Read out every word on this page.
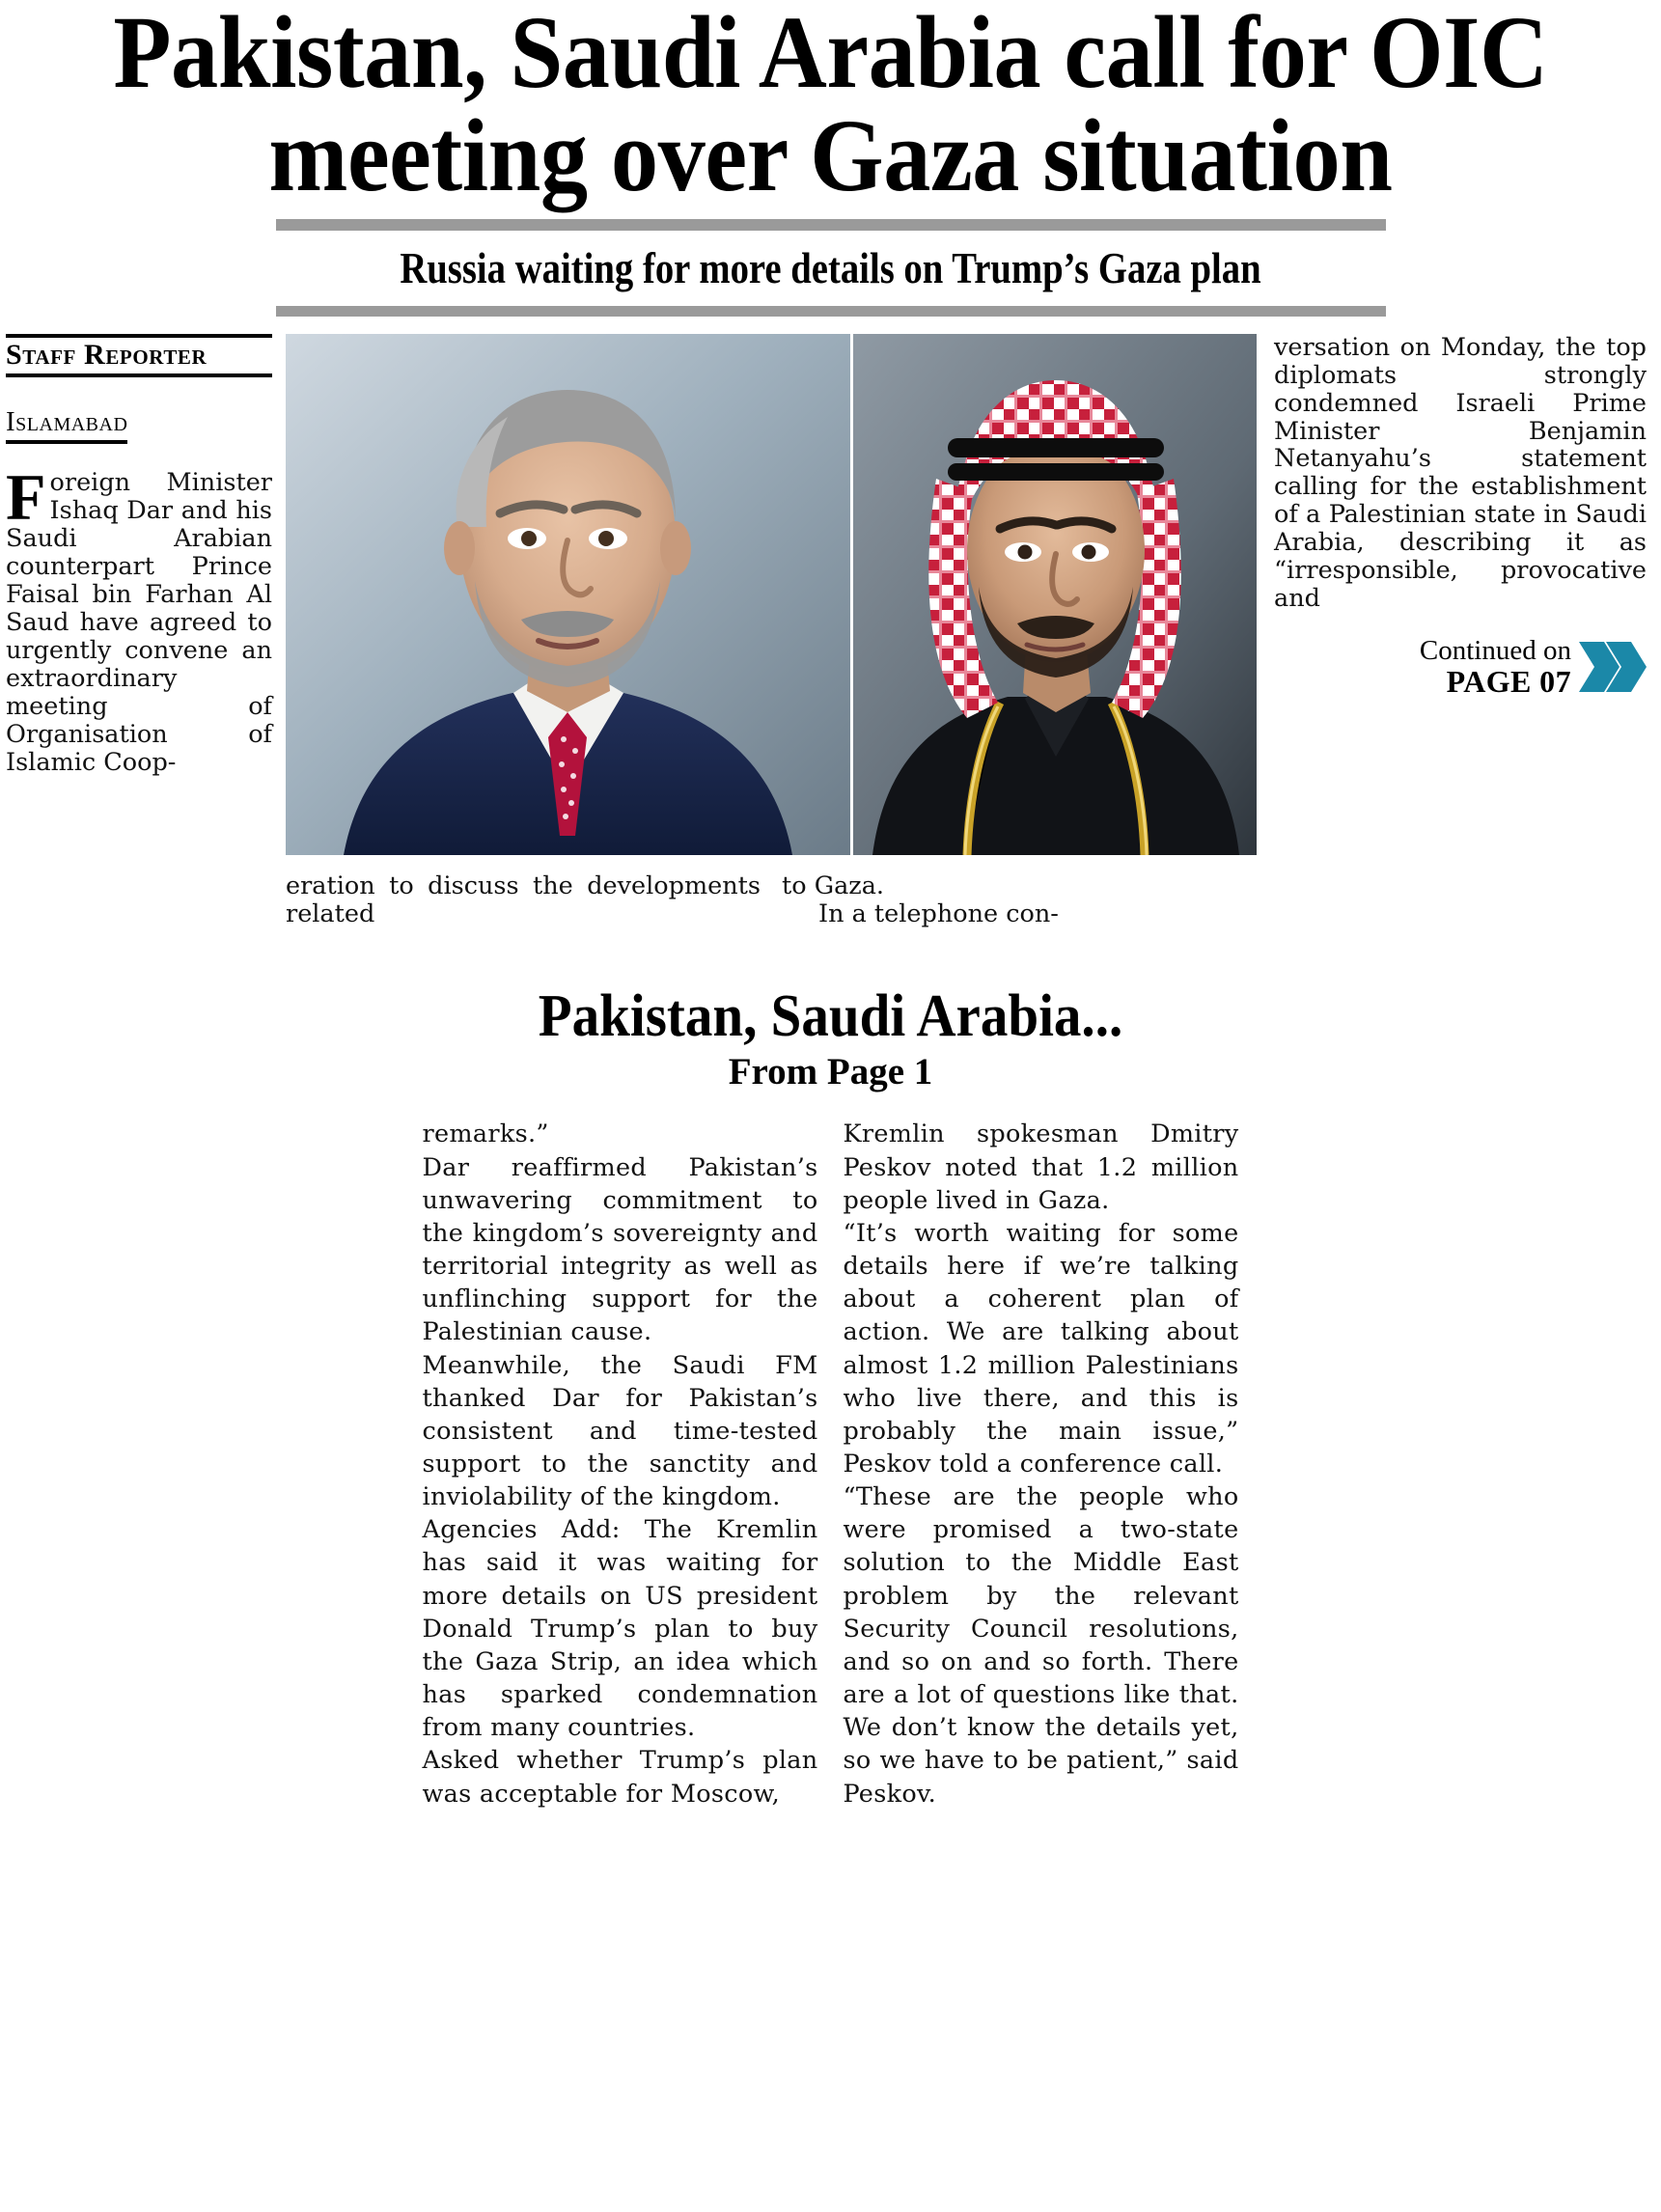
Pakistan, Saudi Arabia call for OIC
meeting over Gaza situation
Russia waiting for more details on Trump’s Gaza plan
Staff Reporter
Islamabad
F oreign Minister Ishaq Dar and his Saudi Arabian counterpart Prince Faisal bin Farhan Al Saud have agreed to urgently convene an extraordinary meeting of Organisation of Islamic Coop-
eration to discuss the developments related

to Gaza.

In a telephone con-

versation on Monday, the top diplomats strongly condemned Israeli Prime Minister Benjamin Netanyahu’s statement calling for the establishment of a Palestinian state in Saudi Arabia, describing it as “irresponsible, provocative and
Continued on
PAGE 07
Pakistan, Saudi Arabia...
From Page 1

remarks.”

Dar reaffirmed Pakistan’s unwavering commitment to the kingdom’s sovereignty and territorial integrity as well as unflinching support for the Palestinian cause.

Meanwhile, the Saudi FM thanked Dar for Pakistan’s consistent and time-tested support to the sanctity and inviolability of the kingdom.

Agencies Add: The Kremlin has said it was waiting for more details on US president Donald Trump’s plan to buy the Gaza Strip, an idea which has sparked condemnation from many countries.

Asked whether Trump’s plan was acceptable for Moscow,

Kremlin spokesman Dmitry Peskov noted that 1.2 million people lived in Gaza.

“It’s worth waiting for some details here if we’re talking about a coherent plan of action. We are talking about almost 1.2 million Palestinians who live there, and this is probably the main issue,” Peskov told a conference call.

“These are the people who were promised a two-state solution to the Middle East problem by the relevant Security Council resolutions, and so on and so forth. There are a lot of questions like that. We don’t know the details yet, so we have to be patient,” said Peskov.
